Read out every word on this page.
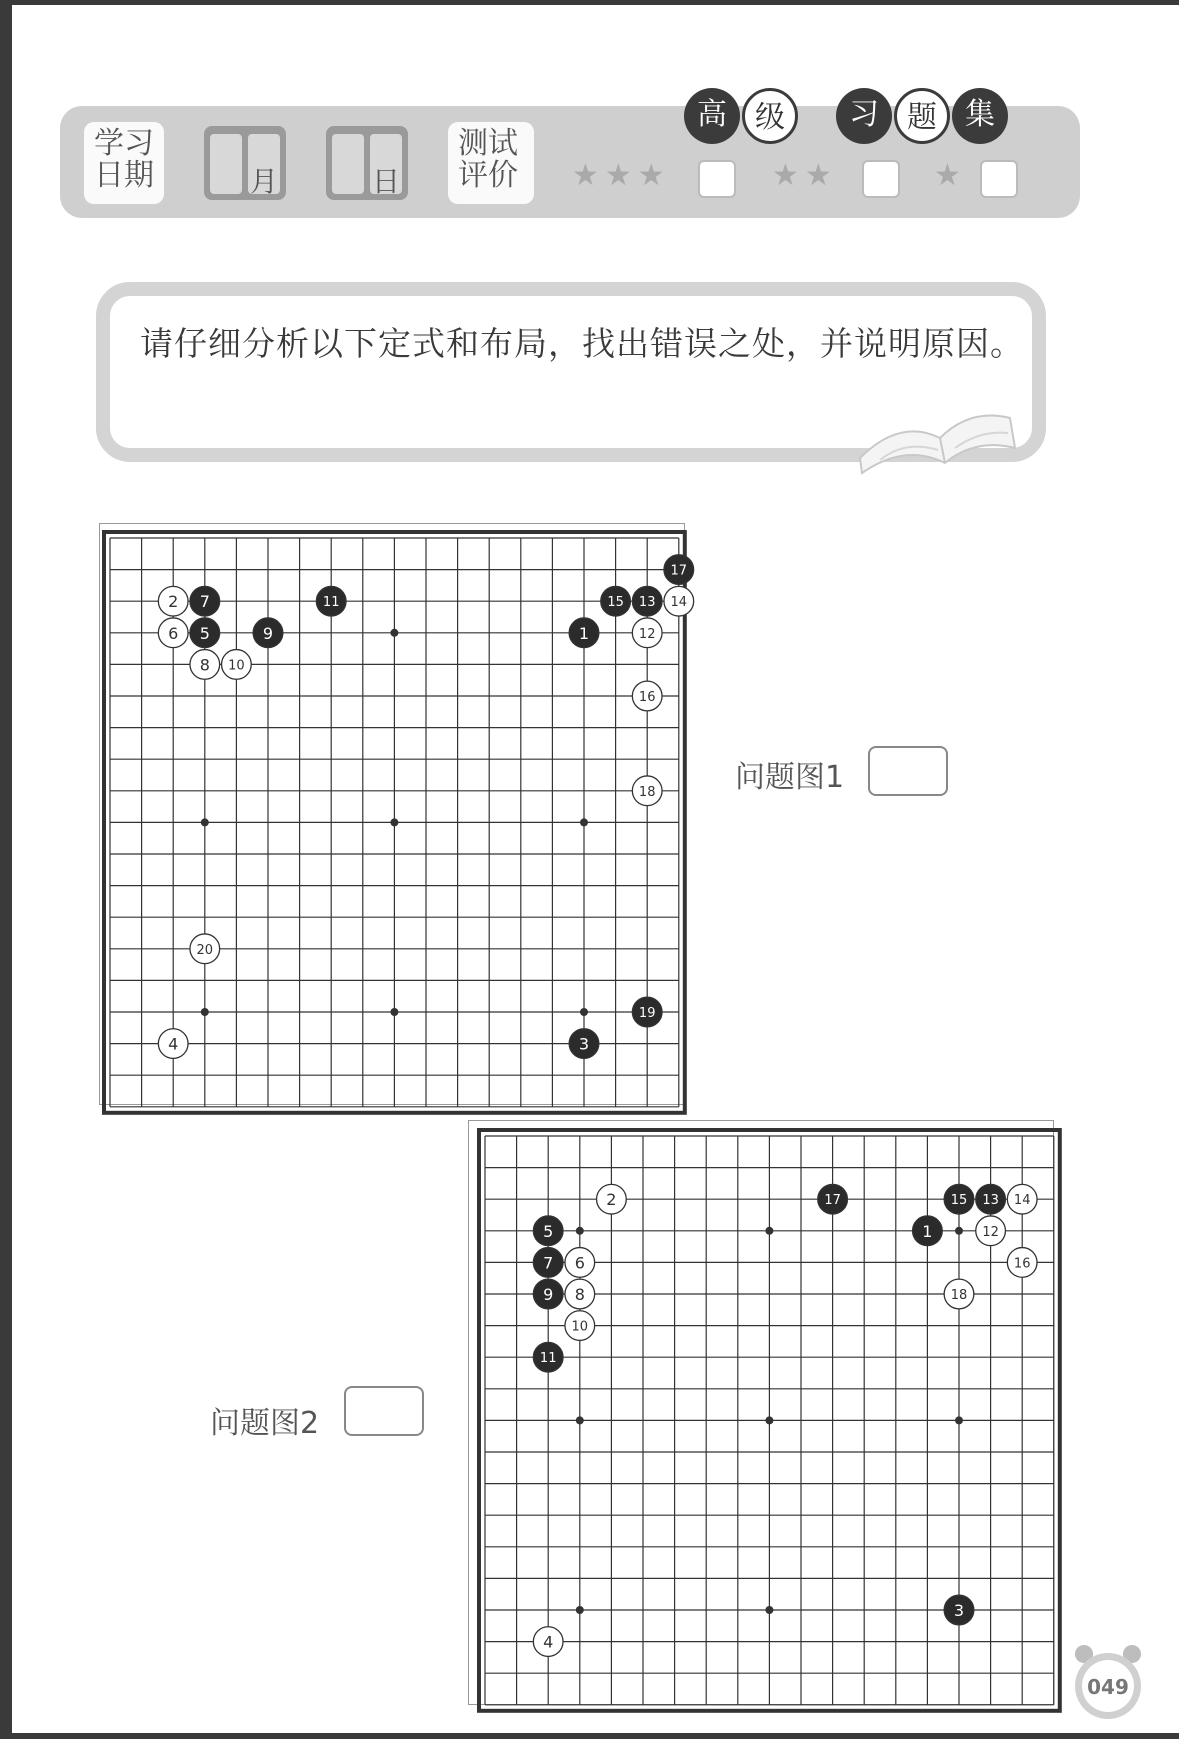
学习日期	月	日
测试评价 ★★★	★★	★
高 级	习 题 集
请仔细分析以下定式和布局，找出错误之处，并说明原因。
1
2
3
4
5
6
7
8
9
10
11
12
13 14
15
16
17
18
19
20
问题图1
1
2
3
4
5
6
7
8
9
10
11
12
13 14
15
16
17
18
问题图2
049
